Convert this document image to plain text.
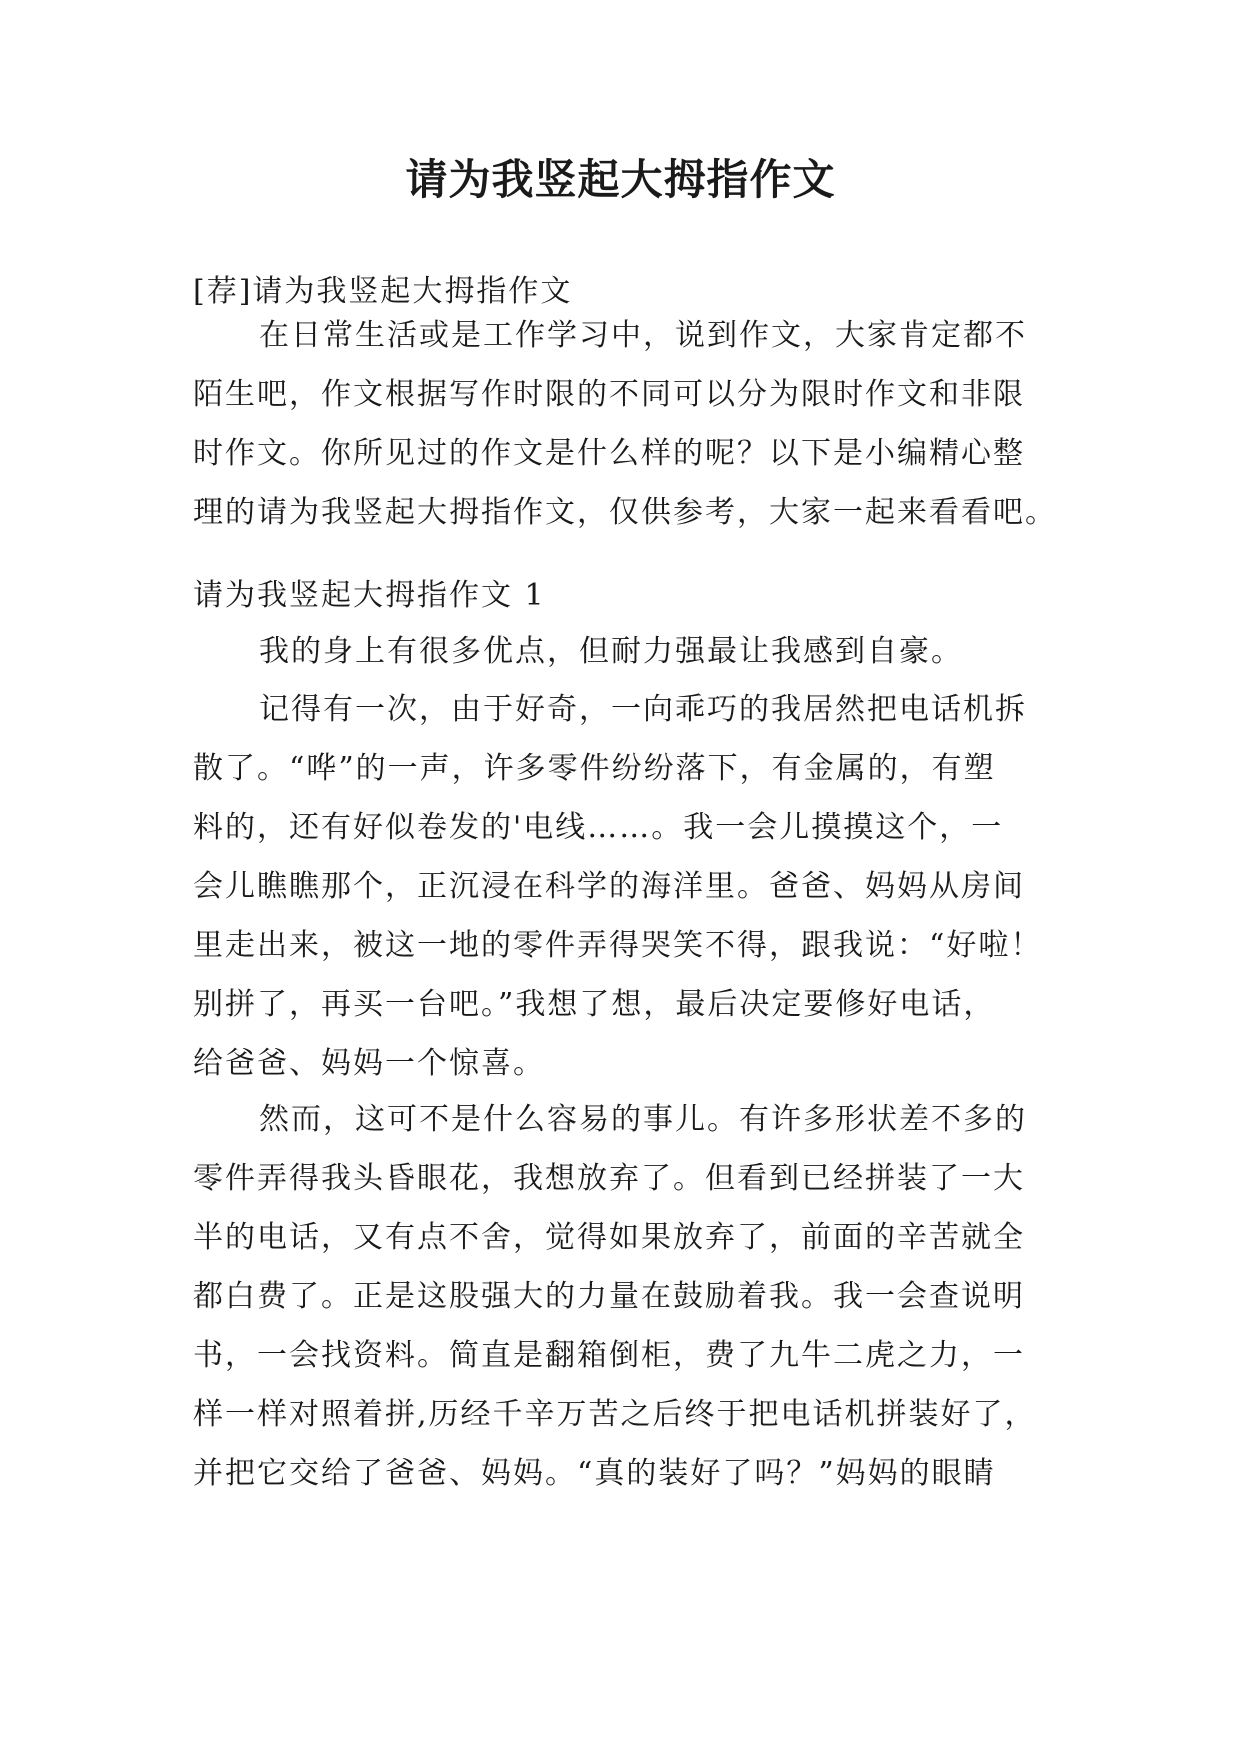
请为我竖起大拇指作文
[荐]请为我竖起大拇指作文
在日常生活或是工作学习中，说到作文，大家肯定都不
陌生吧，作文根据写作时限的不同可以分为限时作文和非限
时作文。你所见过的作文是什么样的呢？以下是小编精心整
理的请为我竖起大拇指作文，仅供参考，大家一起来看看吧。
请为我竖起大拇指作文 1
我的身上有很多优点，但耐力强最让我感到自豪。
记得有一次，由于好奇，一向乖巧的我居然把电话机拆
散了。“哗”的一声，许多零件纷纷落下，有金属的，有塑
料的，还有好似卷发的'电线……。我一会儿摸摸这个，一
会儿瞧瞧那个，正沉浸在科学的海洋里。爸爸、妈妈从房间
里走出来，被这一地的零件弄得哭笑不得，跟我说：“好啦！
别拼了，再买一台吧。”我想了想，最后决定要修好电话，
给爸爸、妈妈一个惊喜。
然而，这可不是什么容易的事儿。有许多形状差不多的
零件弄得我头昏眼花，我想放弃了。但看到已经拼装了一大
半的电话，又有点不舍，觉得如果放弃了，前面的辛苦就全
都白费了。正是这股强大的力量在鼓励着我。我一会查说明
书，一会找资料。简直是翻箱倒柜，费了九牛二虎之力，一
样一样对照着拼,历经千辛万苦之后终于把电话机拼装好了，
并把它交给了爸爸、妈妈。“真的装好了吗？”妈妈的眼睛
